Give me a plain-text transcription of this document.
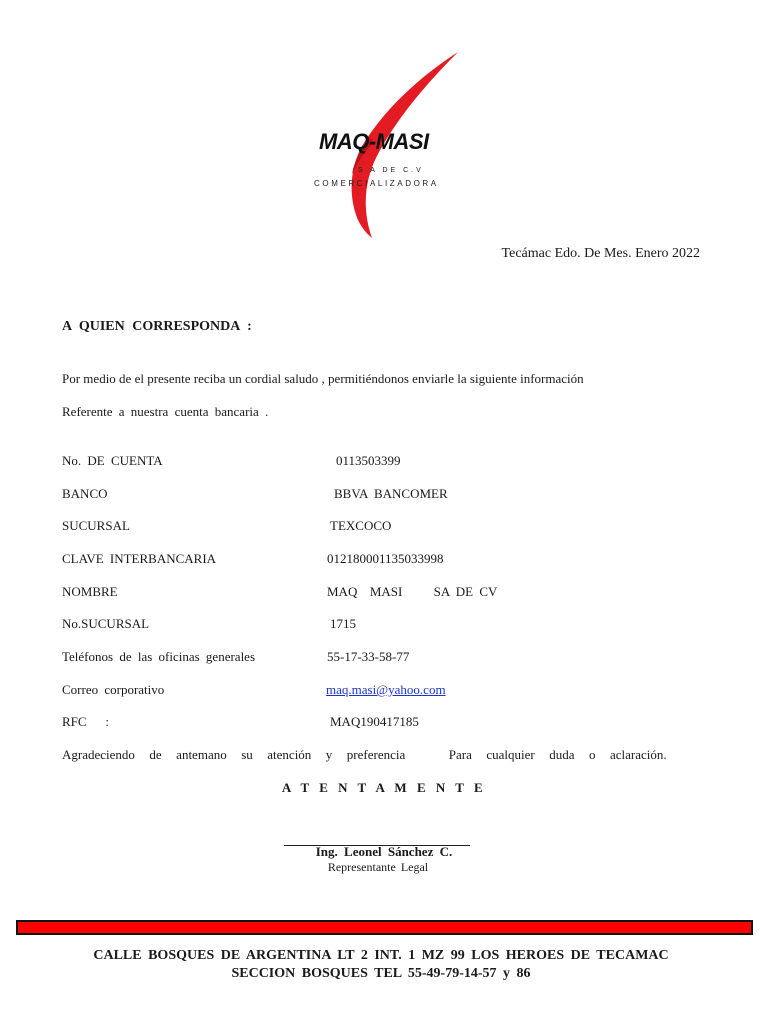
MAQ-MASI
S A DE C.V
COMERCIALIZADORA
Tecámac Edo. De Mes. Enero 2022
A QUIEN CORRESPONDA :
Por medio de el presente reciba un cordial saludo , permitiéndonos enviarle la siguiente información
Referente a nuestra cuenta bancaria .
No. DE CUENTA	0113503399
BANCO	BBVA BANCOMER
SUCURSAL	TEXCOCO
CLAVE INTERBANCARIA	012180001135033998
NOMBRE	MAQ  MASI     SA DE CV
No.SUCURSAL	1715
Teléfonos de las oficinas generales	55-17-33-58-77
Correo corporativo	maq.masi@yahoo.com
RFC   :	MAQ190417185
Agradeciendo  de  antemano  su  atención  y  preferencia      Para  cualquier  duda  o  aclaración.
A T E N T A M E N T E
Ing. Leonel Sánchez C.
Representante Legal
CALLE BOSQUES DE ARGENTINA LT 2 INT. 1 MZ 99 LOS HEROES DE TECAMAC
SECCION BOSQUES TEL 55-49-79-14-57 y 86
